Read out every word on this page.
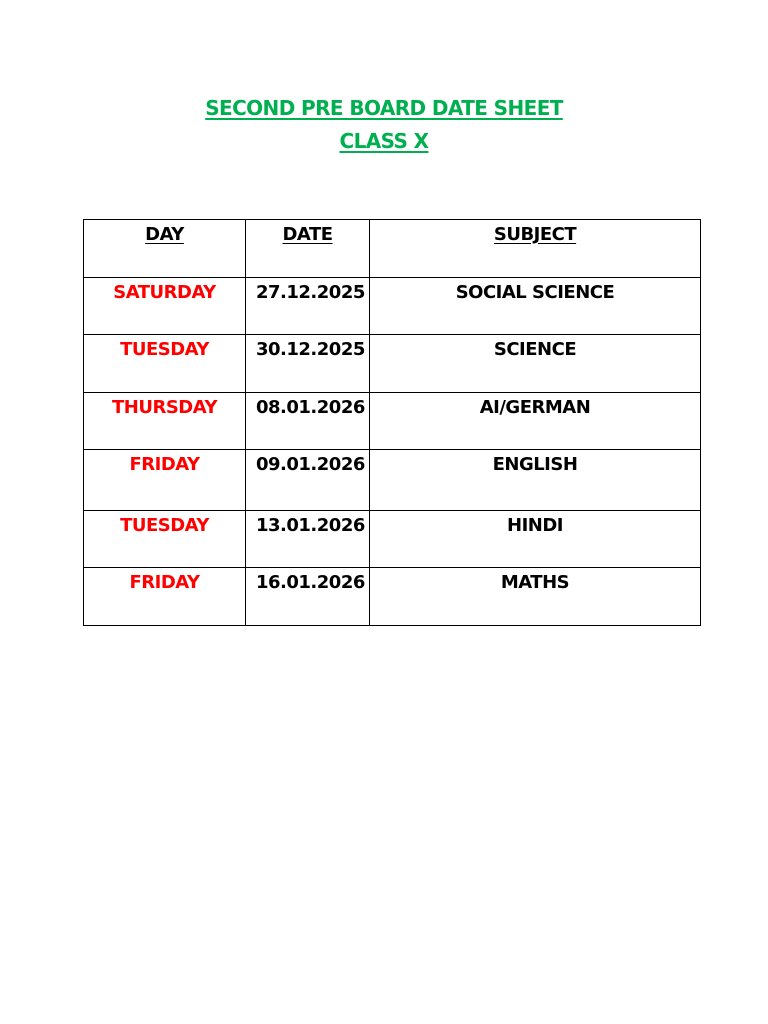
SECOND PRE BOARD DATE SHEET
CLASS X
DAY	DATE	SUBJECT
SATURDAY	27.12.2025	SOCIAL SCIENCE
TUESDAY	30.12.2025	SCIENCE
THURSDAY	08.01.2026	AI/GERMAN
FRIDAY	09.01.2026	ENGLISH
TUESDAY	13.01.2026	HINDI
FRIDAY	16.01.2026	MATHS
